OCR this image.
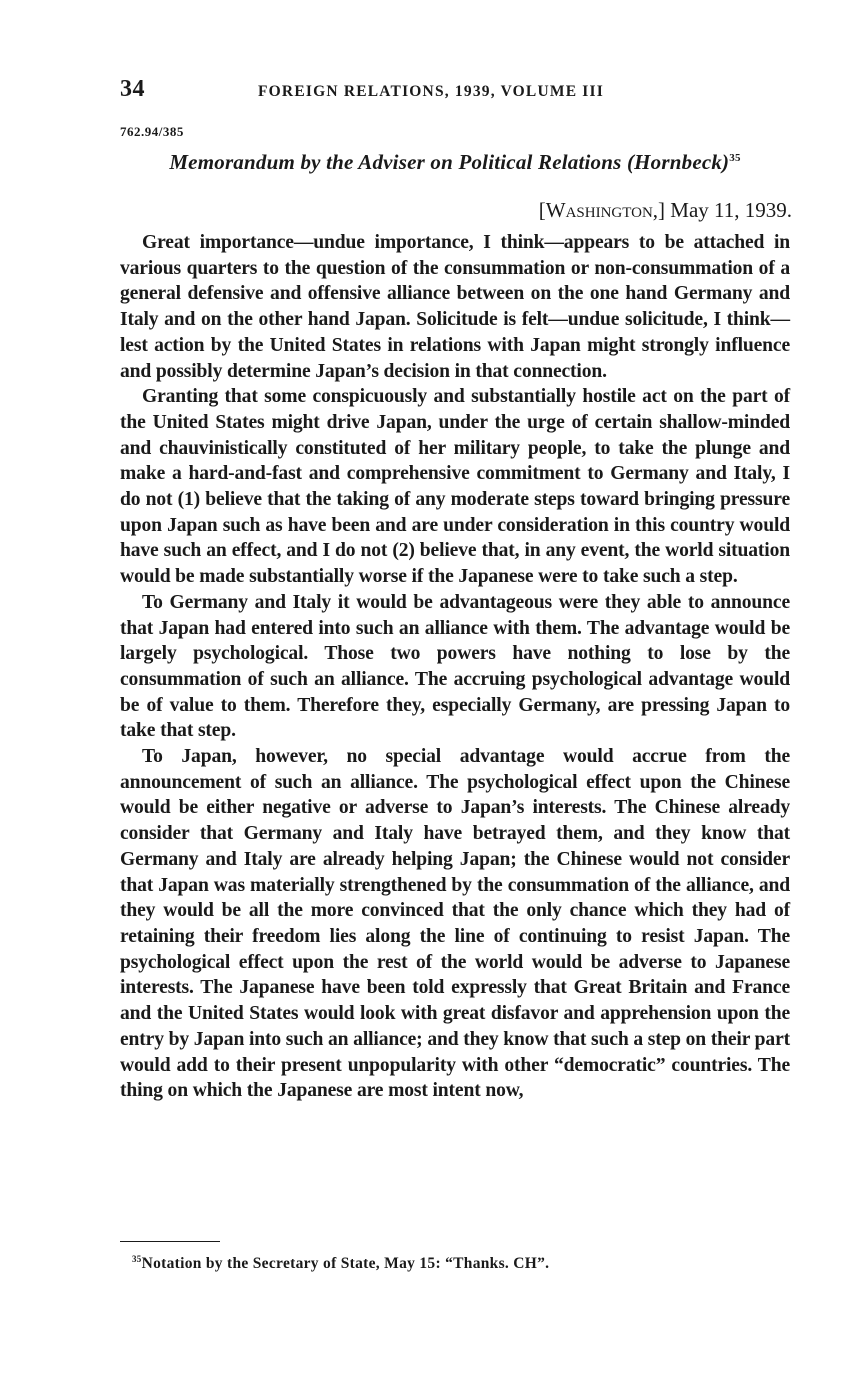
34	FOREIGN RELATIONS, 1939, VOLUME III
762.94/385
Memorandum by the Adviser on Political Relations (Hornbeck)$^{35}$
[Washington,] May 11, 1939.

Great importance—undue importance, I think—appears to be attached in various quarters to the question of the consummation or non-consummation of a general defensive and offensive alliance between on the one hand Germany and Italy and on the other hand Japan. Solicitude is felt—undue solicitude, I think—lest action by the United States in relations with Japan might strongly influence and possibly determine Japan’s decision in that connection.

Granting that some conspicuously and substantially hostile act on the part of the United States might drive Japan, under the urge of certain shallow-minded and chauvinistically constituted of her military people, to take the plunge and make a hard-and-fast and comprehensive commitment to Germany and Italy, I do not (1) believe that the taking of any moderate steps toward bringing pressure upon Japan such as have been and are under consideration in this country would have such an effect, and I do not (2) believe that, in any event, the world situation would be made substantially worse if the Japanese were to take such a step.

To Germany and Italy it would be advantageous were they able to announce that Japan had entered into such an alliance with them. The advantage would be largely psychological. Those two powers have nothing to lose by the consummation of such an alliance. The accruing psychological advantage would be of value to them. Therefore they, especially Germany, are pressing Japan to take that step.

To Japan, however, no special advantage would accrue from the announcement of such an alliance. The psychological effect upon the Chinese would be either negative or adverse to Japan’s interests. The Chinese already consider that Germany and Italy have betrayed them, and they know that Germany and Italy are already helping Japan; the Chinese would not consider that Japan was materially strengthened by the consummation of the alliance, and they would be all the more convinced that the only chance which they had of retaining their freedom lies along the line of continuing to resist Japan. The psychological effect upon the rest of the world would be adverse to Japanese interests. The Japanese have been told expressly that Great Britain and France and the United States would look with great disfavor and apprehension upon the entry by Japan into such an alliance; and they know that such a step on their part would add to their present unpopularity with other “democratic” countries. The thing on which the Japanese are most intent now,

$^{35}$Notation by the Secretary of State, May 15: “Thanks. CH”.
